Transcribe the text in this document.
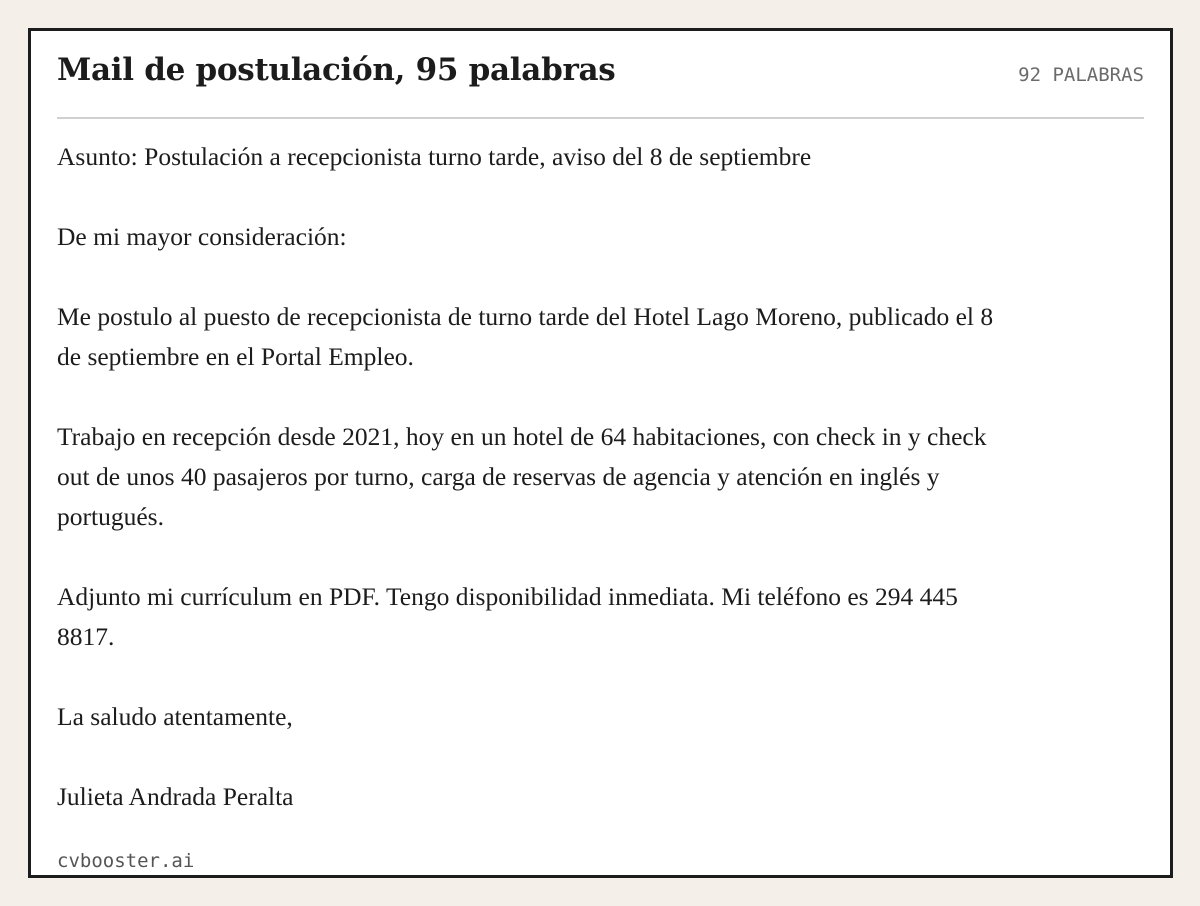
Mail de postulación, 95 palabras	92 PALABRAS

Asunto: Postulación a recepcionista turno tarde, aviso del 8 de septiembre

De mi mayor consideración:

Me postulo al puesto de recepcionista de turno tarde del Hotel Lago Moreno, publicado el 8 de septiembre en el Portal Empleo.

Trabajo en recepción desde 2021, hoy en un hotel de 64 habitaciones, con check in y check out de unos 40 pasajeros por turno, carga de reservas de agencia y atención en inglés y portugués.

Adjunto mi currículum en PDF. Tengo disponibilidad inmediata. Mi teléfono es 294 445 8817.

La saludo atentamente,

Julieta Andrada Peralta

cvbooster.ai
